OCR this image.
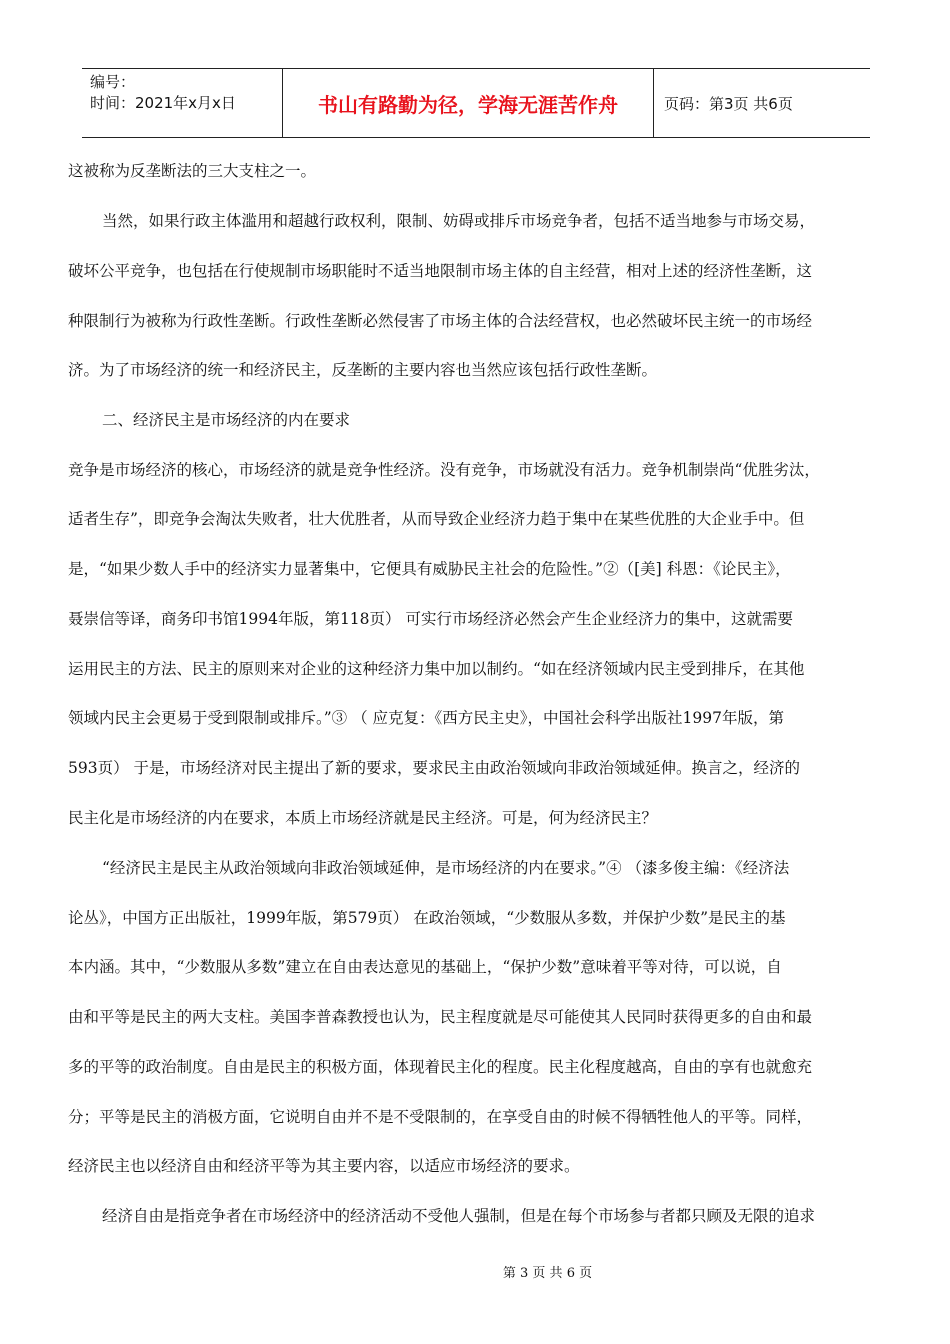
编号：
时间：2021年x月x日	书山有路勤为径，学海无涯苦作舟	页码：第3页 共6页
这被称为反垄断法的三大支柱之一。
当然，如果行政主体滥用和超越行政权利，限制、妨碍或排斥市场竞争者，包括不适当地参与市场交易，
破坏公平竞争，也包括在行使规制市场职能时不适当地限制市场主体的自主经营，相对上述的经济性垄断，这
种限制行为被称为行政性垄断。行政性垄断必然侵害了市场主体的合法经营权，也必然破坏民主统一的市场经
济。为了市场经济的统一和经济民主，反垄断的主要内容也当然应该包括行政性垄断。
二、经济民主是市场经济的内在要求
竞争是市场经济的核心，市场经济的就是竞争性经济。没有竞争，市场就没有活力。竞争机制崇尚“优胜劣汰，
适者生存”，即竞争会淘汰失败者，壮大优胜者，从而导致企业经济力趋于集中在某些优胜的大企业手中。但
是，“如果少数人手中的经济实力显著集中，它便具有威胁民主社会的危险性。”②（[美] 科恩：《论民主》，
聂崇信等译，商务印书馆1994年版，第118页） 可实行市场经济必然会产生企业经济力的集中，这就需要
运用民主的方法、民主的原则来对企业的这种经济力集中加以制约。“如在经济领域内民主受到排斥，在其他
领域内民主会更易于受到限制或排斥。”③ （ 应克复：《西方民主史》，中国社会科学出版社1997年版，第
593页） 于是，市场经济对民主提出了新的要求，要求民主由政治领域向非政治领域延伸。换言之，经济的
民主化是市场经济的内在要求，本质上市场经济就是民主经济。可是，何为经济民主？
“经济民主是民主从政治领域向非政治领域延伸，是市场经济的内在要求。”④ （漆多俊主编：《经济法
论丛》，中国方正出版社，1999年版，第579页） 在政治领域，“少数服从多数，并保护少数”是民主的基
本内涵。其中，“少数服从多数”建立在自由表达意见的基础上，“保护少数”意味着平等对待，可以说，自
由和平等是民主的两大支柱。美国李普森教授也认为，民主程度就是尽可能使其人民同时获得更多的自由和最
多的平等的政治制度。自由是民主的积极方面，体现着民主化的程度。民主化程度越高，自由的享有也就愈充
分；平等是民主的消极方面，它说明自由并不是不受限制的，在享受自由的时候不得牺牲他人的平等。同样，
经济民主也以经济自由和经济平等为其主要内容，以适应市场经济的要求。
经济自由是指竞争者在市场经济中的经济活动不受他人强制，但是在每个市场参与者都只顾及无限的追求
第 3 页 共 6 页
